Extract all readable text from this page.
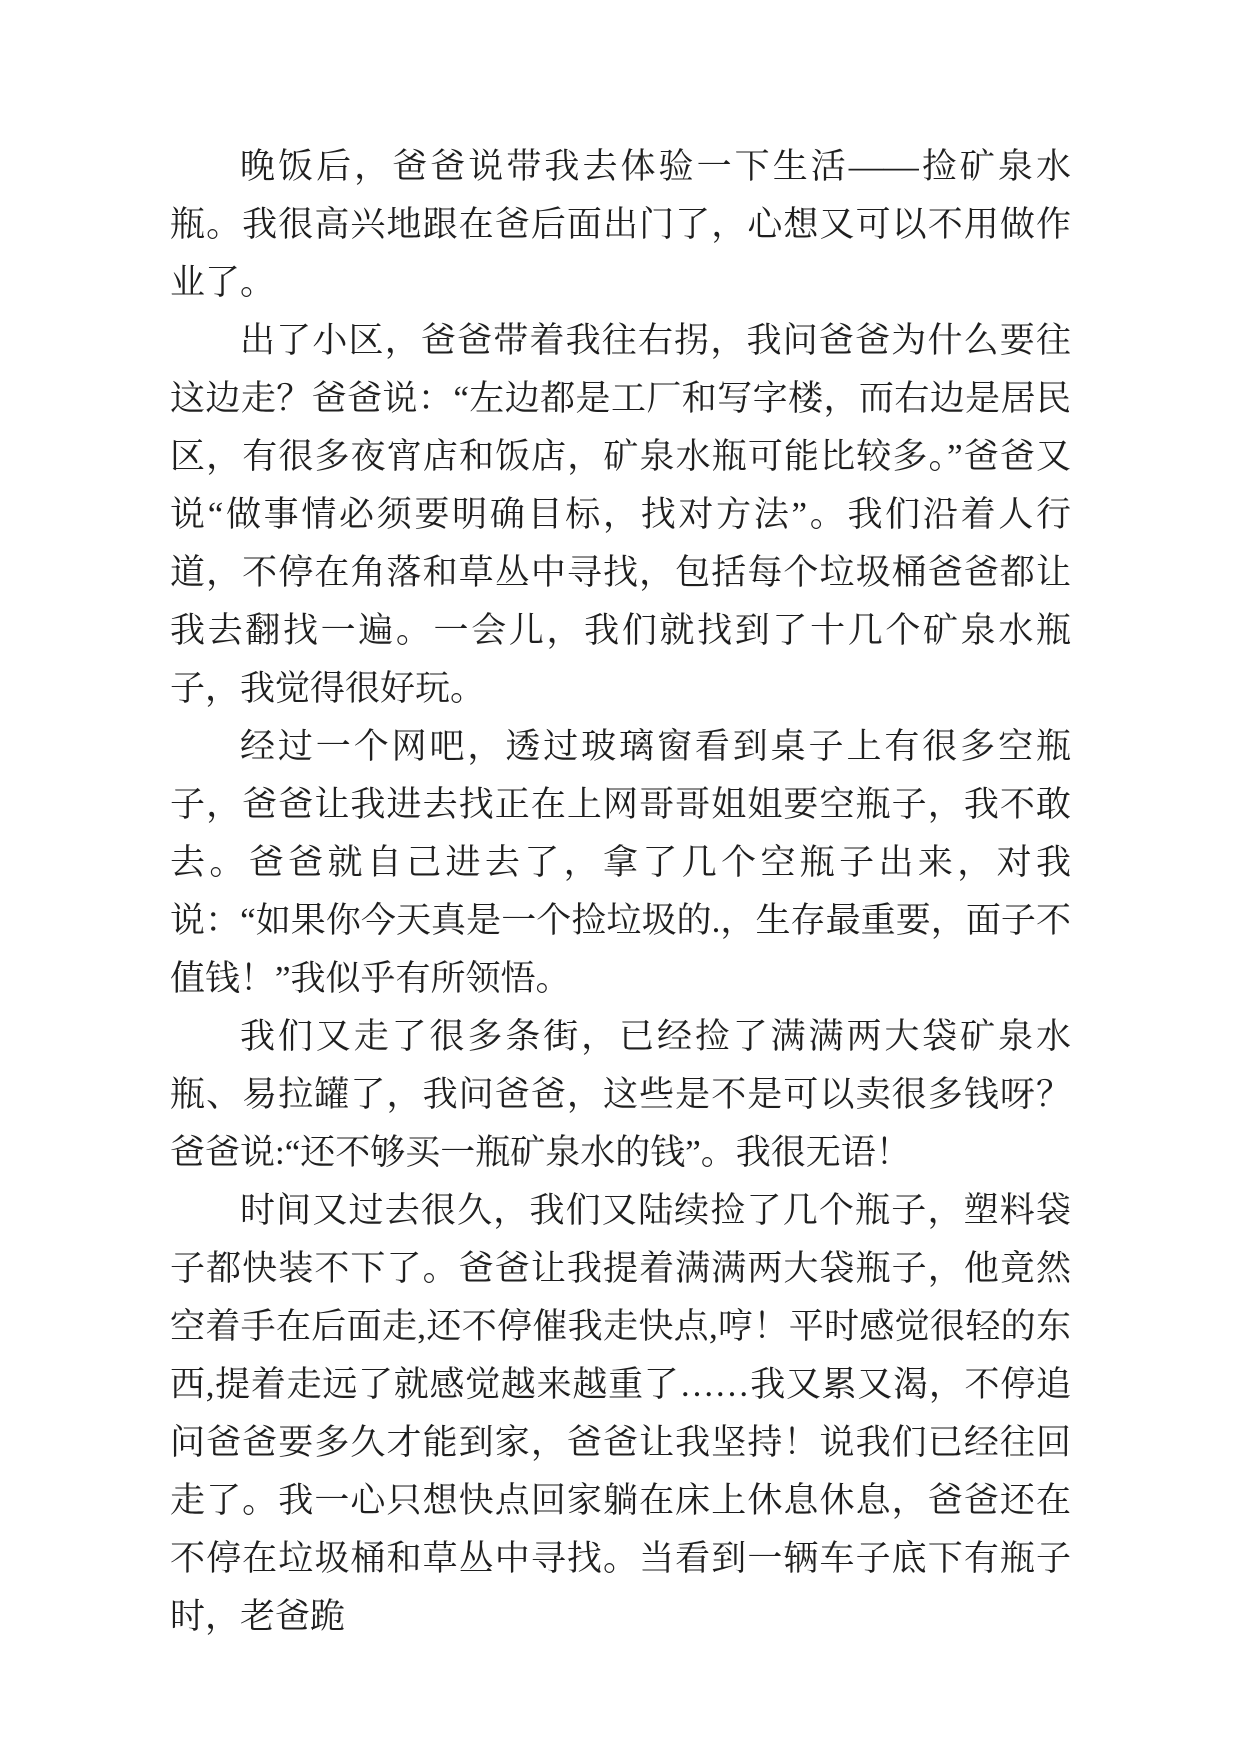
晚饭后，爸爸说带我去体验一下生活——捡矿泉水瓶。我很高兴地跟在爸后面出门了，心想又可以不用做作业了。

出了小区，爸爸带着我往右拐，我问爸爸为什么要往这边走？爸爸说：“左边都是工厂和写字楼，而右边是居民区，有很多夜宵店和饭店，矿泉水瓶可能比较多。”爸爸又说“做事情必须要明确目标，找对方法”。我们沿着人行道，不停在角落和草丛中寻找，包括每个垃圾桶爸爸都让我去翻找一遍。一会儿，我们就找到了十几个矿泉水瓶子，我觉得很好玩。

经过一个网吧，透过玻璃窗看到桌子上有很多空瓶子，爸爸让我进去找正在上网哥哥姐姐要空瓶子，我不敢去。爸爸就自己进去了，拿了几个空瓶子出来，对我说：“如果你今天真是一个捡垃圾的.，生存最重要，面子不值钱！”我似乎有所领悟。

我们又走了很多条街，已经捡了满满两大袋矿泉水瓶、易拉罐了，我问爸爸，这些是不是可以卖很多钱呀？爸爸说:“还不够买一瓶矿泉水的钱”。我很无语！

时间又过去很久，我们又陆续捡了几个瓶子，塑料袋子都快装不下了。爸爸让我提着满满两大袋瓶子，他竟然空着手在后面走,还不停催我走快点,哼！平时感觉很轻的东西,提着走远了就感觉越来越重了……我又累又渴，不停追问爸爸要多久才能到家，爸爸让我坚持！说我们已经往回走了。我一心只想快点回家躺在床上休息休息，爸爸还在不停在垃圾桶和草丛中寻找。当看到一辆车子底下有瓶子时，老爸跪
